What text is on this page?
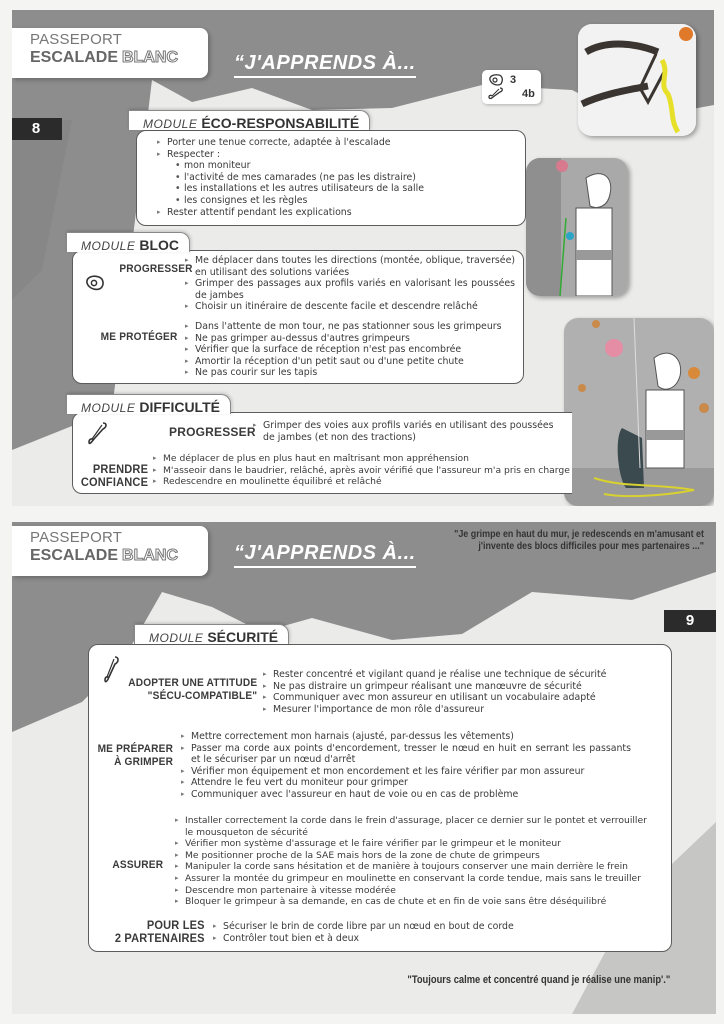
PASSEPORT
ESCALADE BLANC	“J'APPRENDS À...
3
4b
8
▸ Porter une tenue correcte, adaptée à l'escalade
▸ Respecter :
• mon moniteur
• l'activité de mes camarades (ne pas les distraire)
• les installations et les autres utilisateurs de la salle
• les consignes et les règles
▸ Rester attentif pendant les explications
MODULE ÉCO-RESPONSABILITÉ
PROGRESSER
▸ Me déplacer dans toutes les directions (montée, oblique, traversée) en utilisant des solutions variées
▸ Grimper des passages aux profils variés en valorisant les poussées de jambes
▸ Choisir un itinéraire de descente facile et descendre relâché
ME PROTÉGER
▸ Dans l'attente de mon tour, ne pas stationner sous les grimpeurs
▸ Ne pas grimper au-dessus d'autres grimpeurs
▸ Vérifier que la surface de réception n'est pas encombrée
▸ Amortir la réception d'un petit saut ou d'une petite chute
▸ Ne pas courir sur les tapis
MODULE BLOC
PROGRESSER ▸ Grimper des voies aux profils variés en utilisant des poussées de jambes (et non des tractions)
PRENDRE
CONFIANCE
▸ Me déplacer de plus en plus haut en maîtrisant mon appréhension
▸ M'asseoir dans le baudrier, relâché, après avoir vérifié que l'assureur m'a pris en charge
▸ Redescendre en moulinette équilibré et relâché
MODULE DIFFICULTÉ
PASSEPORT
ESCALADE BLANC	“J'APPRENDS À...
"Je grimpe en haut du mur, je redescends en m'amusant et
j'invente des blocs difficiles pour mes partenaires ..."
9
ADOPTER UNE ATTITUDE
"SÉCU-COMPATIBLE"
▸ Rester concentré et vigilant quand je réalise une technique de sécurité
▸ Ne pas distraire un grimpeur réalisant une manœuvre de sécurité
▸ Communiquer avec mon assureur en utilisant un vocabulaire adapté
▸ Mesurer l'importance de mon rôle d'assureur
ME PRÉPARER
À GRIMPER
▸ Mettre correctement mon harnais (ajusté, par-dessus les vêtements)
▸ Passer ma corde aux points d'encordement, tresser le nœud en huit en serrant les passants et le sécuriser par un nœud d'arrêt
▸ Vérifier mon équipement et mon encordement et les faire vérifier par mon assureur
▸ Attendre le feu vert du moniteur pour grimper
▸ Communiquer avec l'assureur en haut de voie ou en cas de problème
ASSURER
▸ Installer correctement la corde dans le frein d'assurage, placer ce dernier sur le pontet et verrouiller le mousqueton de sécurité
▸ Vérifier mon système d'assurage et le faire vérifier par le grimpeur et le moniteur
▸ Me positionner proche de la SAE mais hors de la zone de chute de grimpeurs
▸ Manipuler la corde sans hésitation et de manière à toujours conserver une main derrière le frein
▸ Assurer la montée du grimpeur en moulinette en conservant la corde tendue, mais sans le treuiller
▸ Descendre mon partenaire à vitesse modérée
▸ Bloquer le grimpeur à sa demande, en cas de chute et en fin de voie sans être déséquilibré
POUR LES
2 PARTENAIRES
▸ Sécuriser le brin de corde libre par un nœud en bout de corde
▸ Contrôler tout bien et à deux
MODULE SÉCURITÉ
"Toujours calme et concentré quand je réalise une manip'."
